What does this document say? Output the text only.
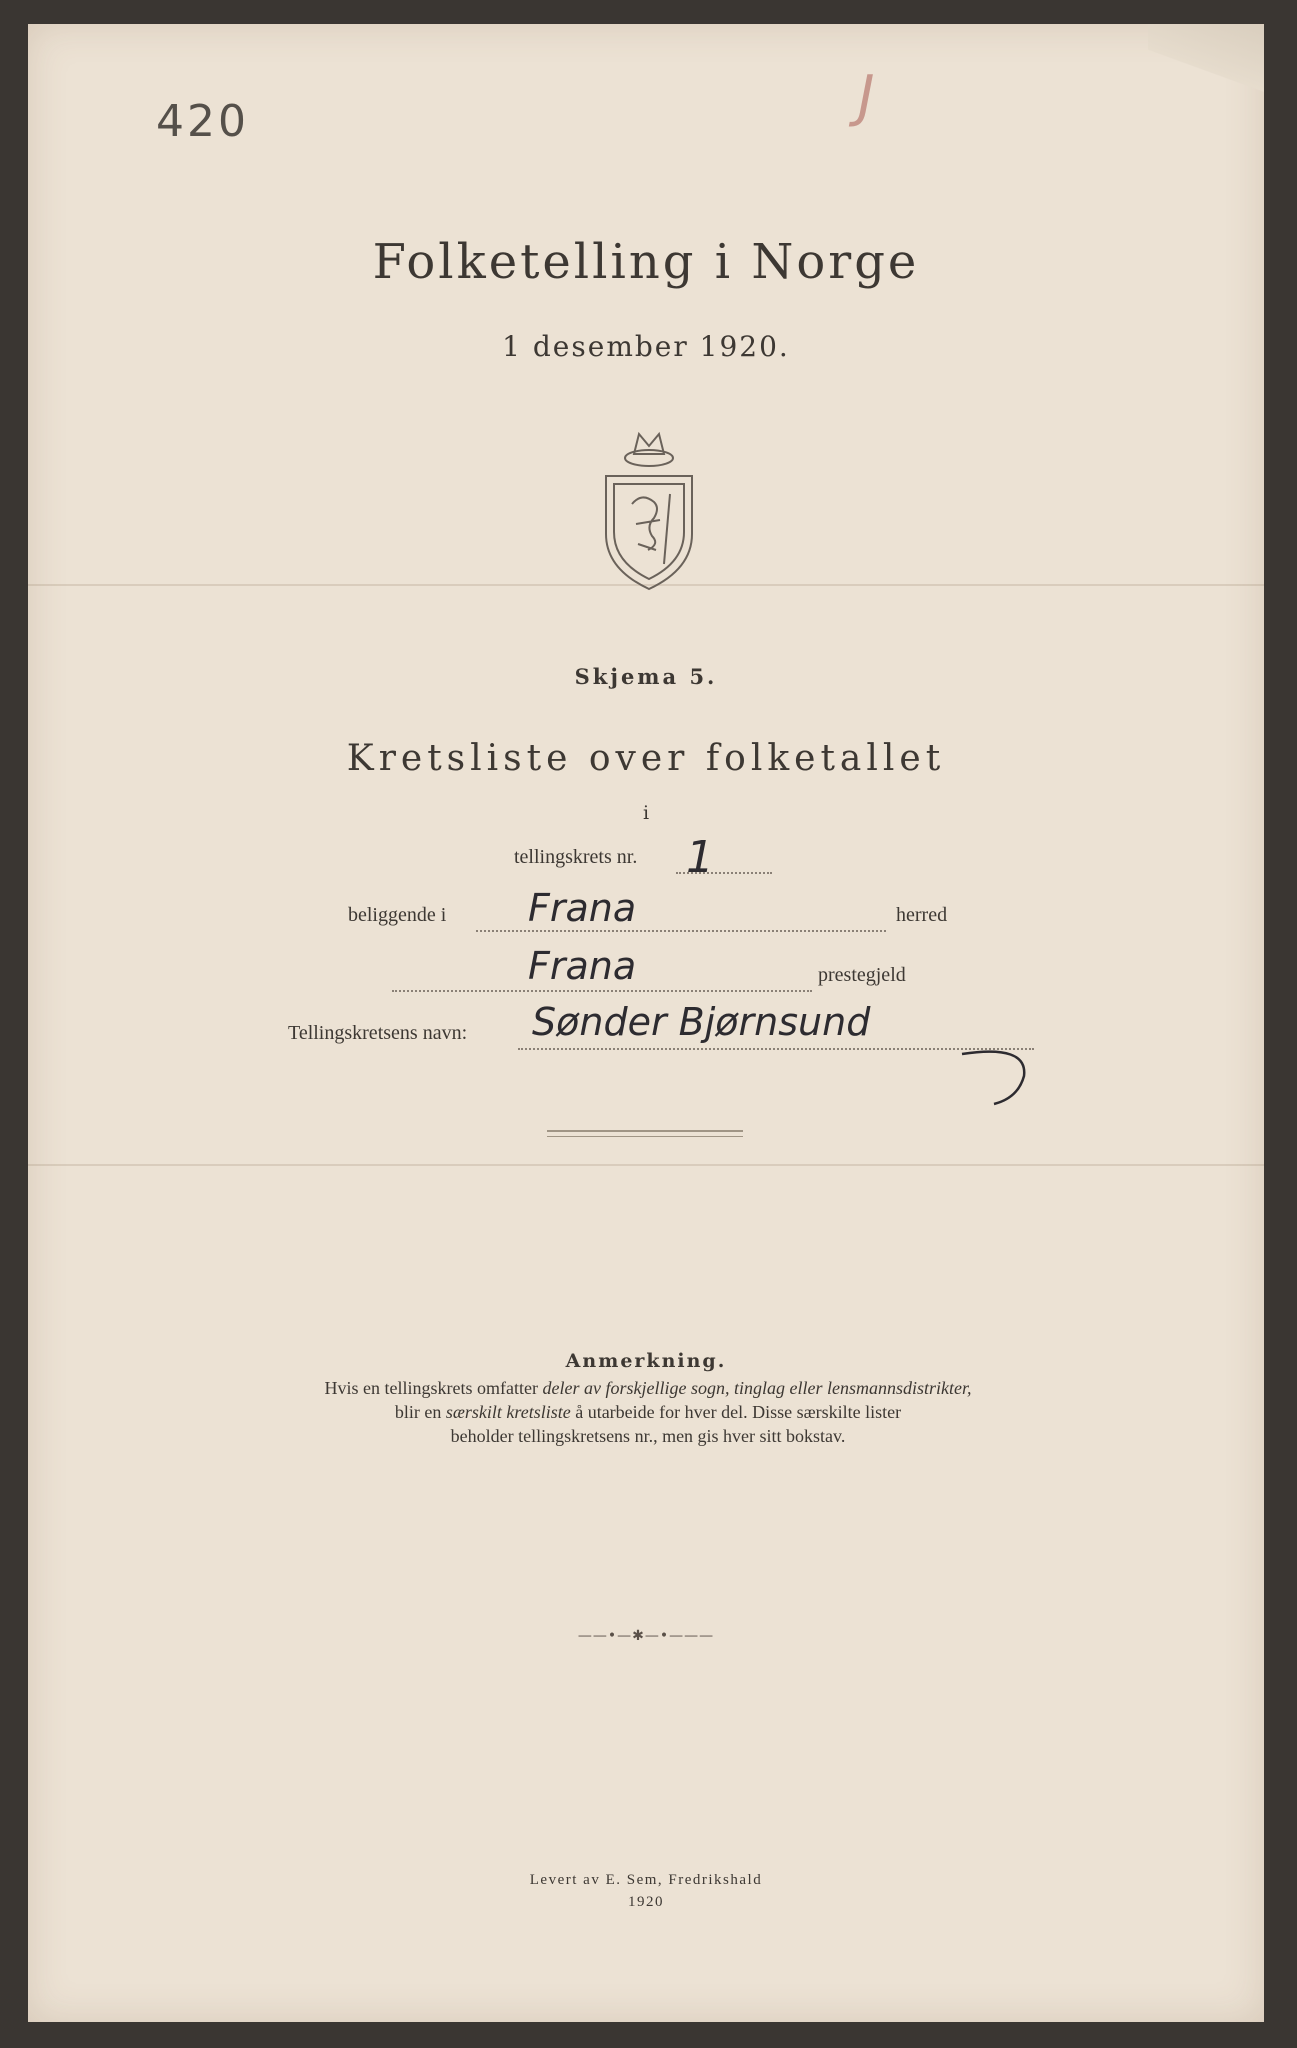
420	J
Folketelling i Norge
1 desember 1920.
Skjema 5.
Kretsliste over folketallet
i
tellingskrets nr. 1
beliggende i Frana	herred
Frana	prestegjeld
Tellingskretsens navn: Sønder Bjørnsund
Anmerkning.
Hvis en tellingskrets omfatter deler av forskjellige sogn, tinglag eller lensmannsdistrikter,
blir en særskilt kretsliste å utarbeide for hver del. Disse særskilte lister
beholder tellingskretsens nr., men gis hver sitt bokstav.
——•—✱—•———
Levert av E. Sem, Fredrikshald
1920
